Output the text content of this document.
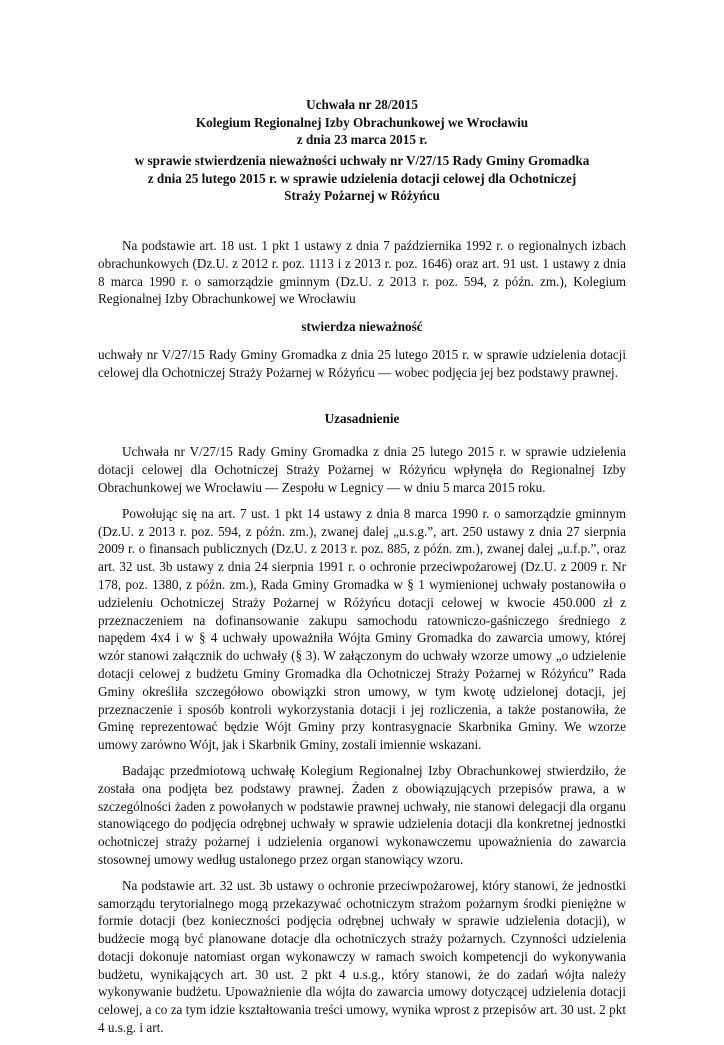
Uchwała nr 28/2015
Kolegium Regionalnej Izby Obrachunkowej we Wrocławiu
z dnia 23 marca 2015 r.
w sprawie stwierdzenia nieważności uchwały nr V/27/15 Rady Gminy Gromadka
z dnia 25 lutego 2015 r. w sprawie udzielenia dotacji celowej dla Ochotniczej
Straży Pożarnej w Różyńcu

Na podstawie art. 18 ust. 1 pkt 1 ustawy z dnia 7 października 1992 r. o regionalnych izbach obrachunkowych (Dz.U. z 2012 r. poz. 1113 i z 2013 r. poz. 1646) oraz art. 91 ust. 1 ustawy z dnia 8 marca 1990 r. o samorządzie gminnym (Dz.U. z 2013 r. poz. 594, z późn. zm.), Kolegium Regionalnej Izby Obrachunkowej we Wrocławiu

stwierdza nieważność

uchwały nr V/27/15 Rady Gminy Gromadka z dnia 25 lutego 2015 r. w sprawie udzielenia dotacji celowej dla Ochotniczej Straży Pożarnej w Różyńcu — wobec podjęcia jej bez podstawy prawnej.

Uzasadnienie

Uchwała nr V/27/15 Rady Gminy Gromadka z dnia 25 lutego 2015 r. w sprawie udzielenia dotacji celowej dla Ochotniczej Straży Pożarnej w Różyńcu wpłynęła do Regionalnej Izby Obrachunkowej we Wrocławiu — Zespołu w Legnicy — w dniu 5 marca 2015 roku.

Powołując się na art. 7 ust. 1 pkt 14 ustawy z dnia 8 marca 1990 r. o samorządzie gminnym (Dz.U. z 2013 r. poz. 594, z późn. zm.), zwanej dalej „u.s.g.”, art. 250 ustawy z dnia 27 sierpnia 2009 r. o finansach publicznych (Dz.U. z 2013 r. poz. 885, z późn. zm.), zwanej dalej „u.f.p.”, oraz art. 32 ust. 3b ustawy z dnia 24 sierpnia 1991 r. o ochronie przeciwpożarowej (Dz.U. z 2009 r. Nr 178, poz. 1380, z późn. zm.), Rada Gminy Gromadka w § 1 wymienionej uchwały postanowiła o udzieleniu Ochotniczej Straży Pożarnej w Różyńcu dotacji celowej w kwocie 450.000 zł z przeznaczeniem na dofinansowanie zakupu samochodu ratowniczo-gaśniczego średniego z napędem 4x4 i w § 4 uchwały upoważniła Wójta Gminy Gromadka do zawarcia umowy, której wzór stanowi załącznik do uchwały (§ 3). W załączonym do uchwały wzorze umowy „o udzielenie dotacji celowej z budżetu Gminy Gromadka dla Ochotniczej Straży Pożarnej w Różyńcu” Rada Gminy określiła szczegółowo obowiązki stron umowy, w tym kwotę udzielonej dotacji, jej przeznaczenie i sposób kontroli wykorzystania dotacji i jej rozliczenia, a także postanowiła, że Gminę reprezentować będzie Wójt Gminy przy kontrasygnacie Skarbnika Gminy. We wzorze umowy zarówno Wójt, jak i Skarbnik Gminy, zostali imiennie wskazani.

Badając przedmiotową uchwałę Kolegium Regionalnej Izby Obrachunkowej stwierdziło, że została ona podjęta bez podstawy prawnej. Żaden z obowiązujących przepisów prawa, a w szczególności żaden z powołanych w podstawie prawnej uchwały, nie stanowi delegacji dla organu stanowiącego do podjęcia odrębnej uchwały w sprawie udzielenia dotacji dla konkretnej jednostki ochotniczej straży pożarnej i udzielenia organowi wykonawczemu upoważnienia do zawarcia stosownej umowy według ustalonego przez organ stanowiący wzoru.

Na podstawie art. 32 ust. 3b ustawy o ochronie przeciwpożarowej, który stanowi, że jednostki samorządu terytorialnego mogą przekazywać ochotniczym strażom pożarnym środki pieniężne w formie dotacji (bez konieczności podjęcia odrębnej uchwały w sprawie udzielenia dotacji), w budżecie mogą być planowane dotacje dla ochotniczych straży pożarnych. Czynności udzielenia dotacji dokonuje natomiast organ wykonawczy w ramach swoich kompetencji do wykonywania budżetu, wynikających art. 30 ust. 2 pkt 4 u.s.g., który stanowi, że do zadań wójta należy wykonywanie budżetu. Upoważnienie dla wójta do zawarcia umowy dotyczącej udzielenia dotacji celowej, a co za tym idzie kształtowania treści umowy, wynika wprost z przepisów art. 30 ust. 2 pkt 4 u.s.g. i art.
